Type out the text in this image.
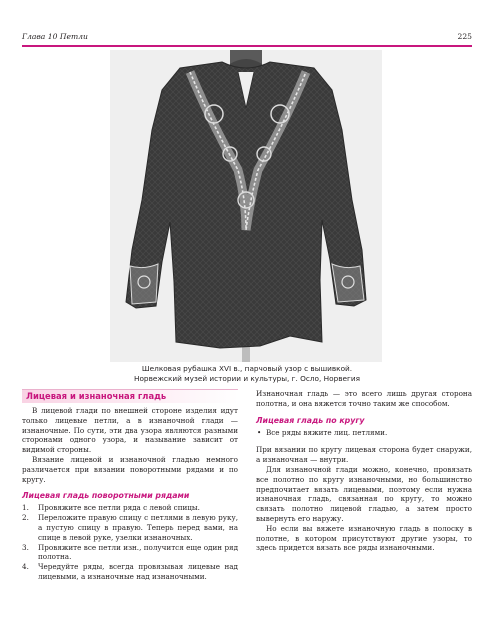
Глава 10 Петли	225

Шелковая рубашка XVI в., парчовый узор с вышивкой.
Норвежский музей истории и культуры, г. Осло, Норвегия

Лицевая и изнаночная гладь

В лицевой глади по внешней стороне изделия идут только лицевые петли, а в изнаночной глади — изнаночные. По сути, эти два узора являются разными сторонами одного узора, и называние зависит от видимой стороны.

Вязание лицевой и изнаночной гладью немного различается при вязании поворотными рядами и по кругу.

Лицевая гладь поворотными рядами
1. Провяжите все петли ряда с левой спицы.
2. Переложите правую спицу с петлями в левую руку, а пустую спицу в правую. Теперь перед вами, на спице в левой руке, узелки изнаночных.
3. Провяжите все петли изн., получится еще один ряд полотна.
4. Чередуйте ряды, всегда провязывая лицевые над лицевыми, а изнаночные над изнаночными.

Изнаночная гладь — это всего лишь другая сторона полотна, и она вяжется точно таким же способом.

Лицевая гладь по кругу
• Все ряды вяжите лиц. петлями.

При вязании по кругу лицевая сторона будет снаружи, а изнаночная — внутри.

Для изнаночной глади можно, конечно, провязать все полотно по кругу изнаночными, но большинство предпочитает вязать лицевыми, поэтому если нужна изнаночная гладь, связанная по кругу, то можно связать полотно лицевой гладью, а затем просто вывернуть его наружу.

Но если вы вяжете изнаночную гладь в полоску в полотне, в котором присутствуют другие узоры, то здесь придется вязать все ряды изнаночными.
